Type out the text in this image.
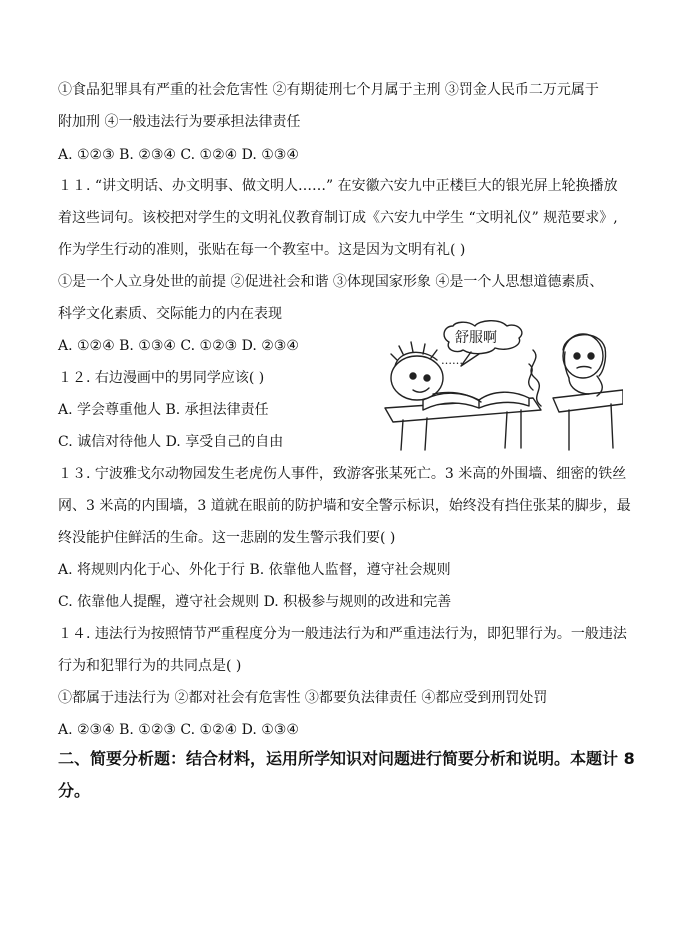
①食品犯罪具有严重的社会危害性 ②有期徒刑七个月属于主刑 ③罚金人民币二万元属于
附加刑 ④一般违法行为要承担法律责任
A. ①②③ B. ②③④ C. ①②④ D. ①③④
１１. “讲文明话、办文明事、做文明人……” 在安徽六安九中正楼巨大的银光屏上轮换播放
着这些词句。该校把对学生的文明礼仪教育制订成《六安九中学生 “文明礼仪” 规范要求》,
作为学生行动的准则，张贴在每一个教室中。这是因为文明有礼( )
①是一个人立身处世的前提 ②促进社会和谐 ③体现国家形象 ④是一个人思想道德素质、
科学文化素质、交际能力的内在表现
A. ①②④ B. ①③④ C. ①②③ D. ②③④
１２. 右边漫画中的男同学应该( )
A. 学会尊重他人 B. 承担法律责任
C. 诚信对待他人 D. 享受自己的自由
１３. 宁波雅戈尔动物园发生老虎伤人事件，致游客张某死亡。3 米高的外围墙、细密的铁丝
网、3 米高的内围墙，3 道就在眼前的防护墙和安全警示标识，始终没有挡住张某的脚步，最
终没能护住鲜活的生命。这一悲剧的发生警示我们要( )
A. 将规则内化于心、外化于行 B. 依靠他人监督，遵守社会规则
C. 依靠他人提醒，遵守社会规则 D. 积极参与规则的改进和完善
１４. 违法行为按照情节严重程度分为一般违法行为和严重违法行为，即犯罪行为。一般违法
行为和犯罪行为的共同点是( )
①都属于违法行为 ②都对社会有危害性 ③都要负法律责任 ④都应受到刑罚处罚
A. ②③④ B. ①②③ C. ①②④ D. ①③④
二、简要分析题：结合材料，运用所学知识对问题进行简要分析和说明。本题计 8
分。
舒服啊
……
